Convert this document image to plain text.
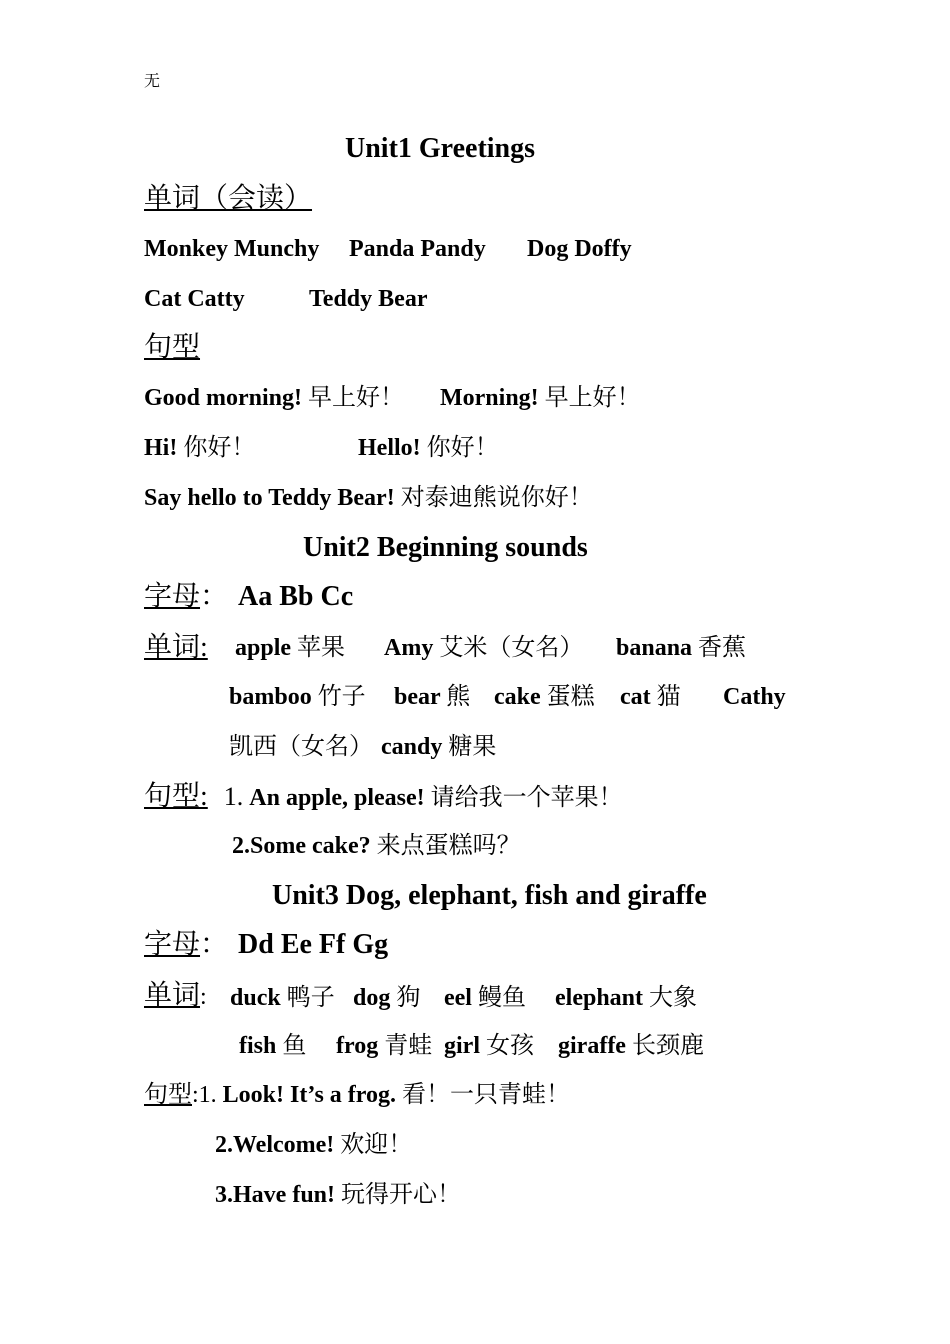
无
Unit1 Greetings
单词（会读）
Monkey Munchy Panda Pandy Dog Doffy
Cat Catty	Teddy Bear
句型
Good morning! 早上好！ Morning! 早上好！
Hi! 你好！	Hello! 你好！
Say hello to Teddy Bear! 对泰迪熊说你好！
Unit2 Beginning sounds
字母： Aa Bb Cc
单词: apple 苹果 Amy 艾米（女名） banana 香蕉
bamboo 竹子 bear 熊 cake 蛋糕 cat 猫 Cathy
凯西（女名） candy 糖果
句型: 1. An apple, please! 请给我一个苹果！
2.Some cake? 来点蛋糕吗？
Unit3 Dog, elephant, fish and giraffe
字母： Dd Ee Ff Gg
单词: duck 鸭子 dog 狗 eel 鳗鱼 elephant 大象
fish 鱼 frog 青蛙 girl 女孩 giraffe 长颈鹿
句型:1. Look! It’s a frog. 看！一只青蛙！
2.Welcome! 欢迎！
3.Have fun! 玩得开心！
